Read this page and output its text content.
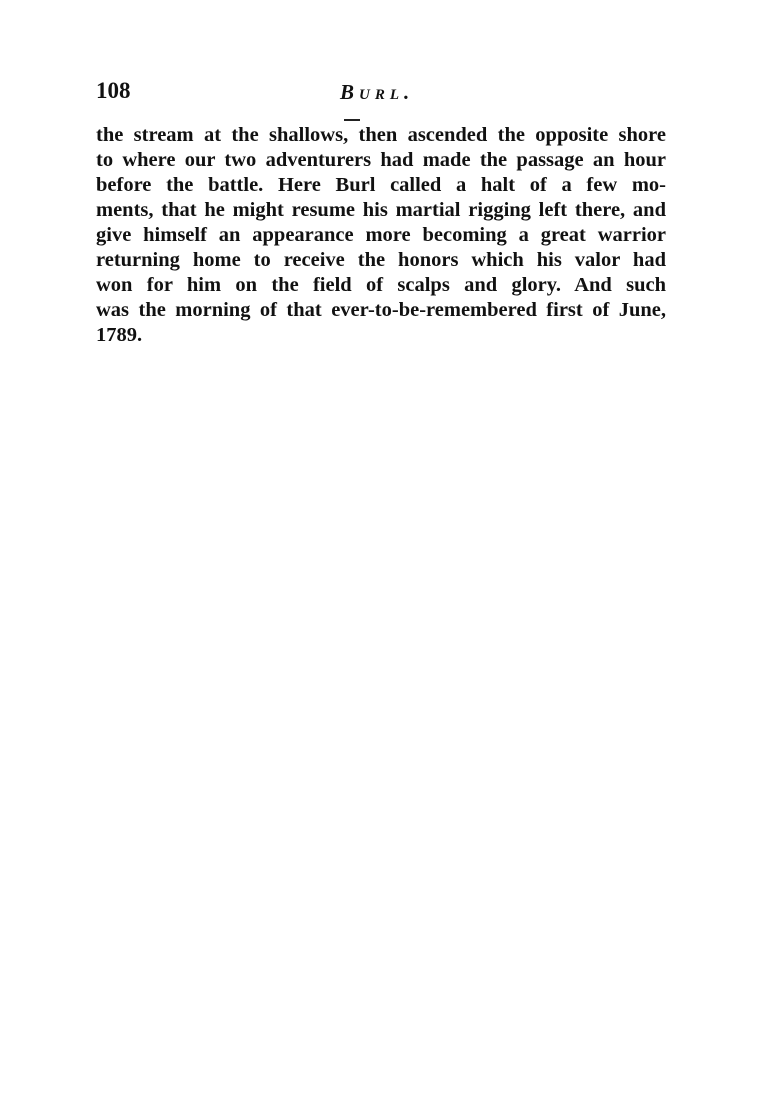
108	Burl.
the stream at the shallows, then ascended the opposite shore
to where our two adventurers had made the passage an hour
before the battle. Here Burl called a halt of a few mo-
ments, that he might resume his martial rigging left there, and
give himself an appearance more becoming a great warrior
returning home to receive the honors which his valor had
won for him on the field of scalps and glory. And such
was the morning of that ever-to-be-remembered first of June,
1789.
